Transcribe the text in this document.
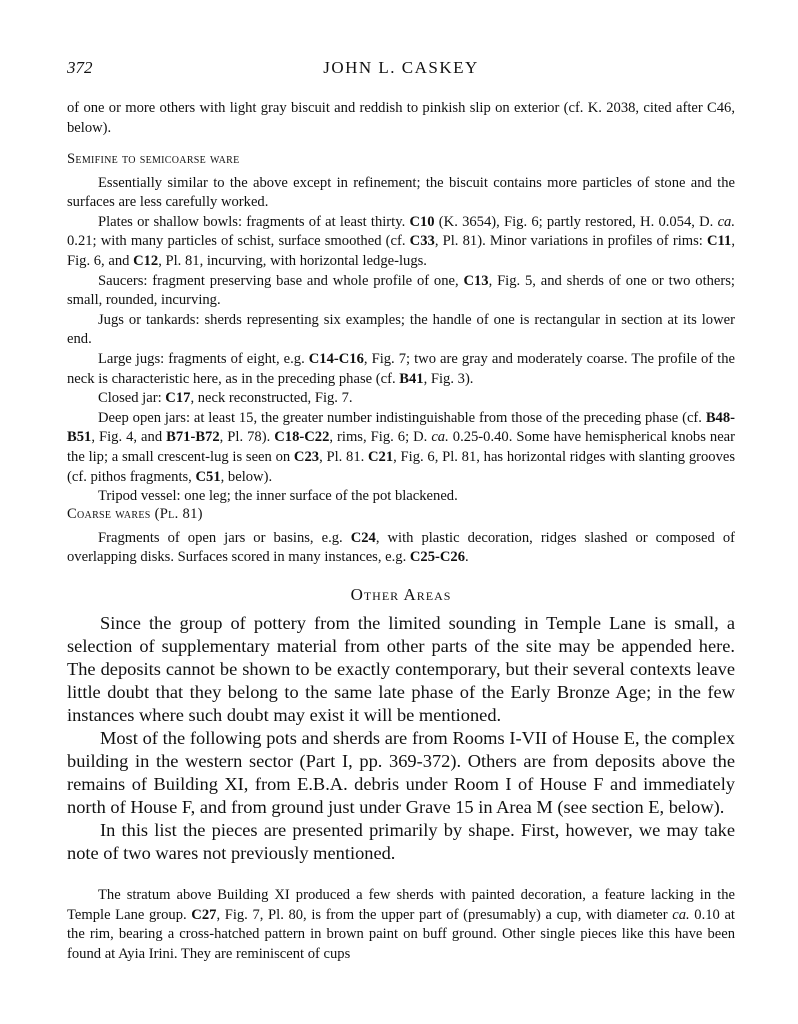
372	JOHN L. CASKEY

of one or more others with light gray biscuit and reddish to pinkish slip on exterior (cf. K. 2038, cited after C46, below).

Semifine to semicoarse ware

Essentially similar to the above except in refinement; the biscuit contains more particles of stone and the surfaces are less carefully worked.

Plates or shallow bowls: fragments of at least thirty. C10 (K. 3654), Fig. 6; partly restored, H. 0.054, D. ca. 0.21; with many particles of schist, surface smoothed (cf. C33, Pl. 81). Minor variations in profiles of rims: C11, Fig. 6, and C12, Pl. 81, incurving, with horizontal ledge-lugs.

Saucers: fragment preserving base and whole profile of one, C13, Fig. 5, and sherds of one or two others; small, rounded, incurving.

Jugs or tankards: sherds representing six examples; the handle of one is rectangular in section at its lower end.

Large jugs: fragments of eight, e.g. C14-C16, Fig. 7; two are gray and moderately coarse. The profile of the neck is characteristic here, as in the preceding phase (cf. B41, Fig. 3).

Closed jar: C17, neck reconstructed, Fig. 7.

Deep open jars: at least 15, the greater number indistinguishable from those of the preceding phase (cf. B48-B51, Fig. 4, and B71-B72, Pl. 78). C18-C22, rims, Fig. 6; D. ca. 0.25-0.40. Some have hemispherical knobs near the lip; a small crescent-lug is seen on C23, Pl. 81. C21, Fig. 6, Pl. 81, has horizontal ridges with slanting grooves (cf. pithos fragments, C51, below).

Tripod vessel: one leg; the inner surface of the pot blackened.

Coarse wares (Pl. 81)

Fragments of open jars or basins, e.g. C24, with plastic decoration, ridges slashed or composed of overlapping disks. Surfaces scored in many instances, e.g. C25-C26.

Other Areas

Since the group of pottery from the limited sounding in Temple Lane is small, a selection of supplementary material from other parts of the site may be appended here. The deposits cannot be shown to be exactly contemporary, but their several contexts leave little doubt that they belong to the same late phase of the Early Bronze Age; in the few instances where such doubt may exist it will be mentioned.

Most of the following pots and sherds are from Rooms I-VII of House E, the complex building in the western sector (Part I, pp. 369-372). Others are from deposits above the remains of Building XI, from E.B.A. debris under Room I of House F and immediately north of House F, and from ground just under Grave 15 in Area M (see section E, below).

In this list the pieces are presented primarily by shape. First, however, we may take note of two wares not previously mentioned.

The stratum above Building XI produced a few sherds with painted decoration, a feature lacking in the Temple Lane group. C27, Fig. 7, Pl. 80, is from the upper part of (presumably) a cup, with diameter ca. 0.10 at the rim, bearing a cross-hatched pattern in brown paint on buff ground. Other single pieces like this have been found at Ayia Irini. They are reminiscent of cups
